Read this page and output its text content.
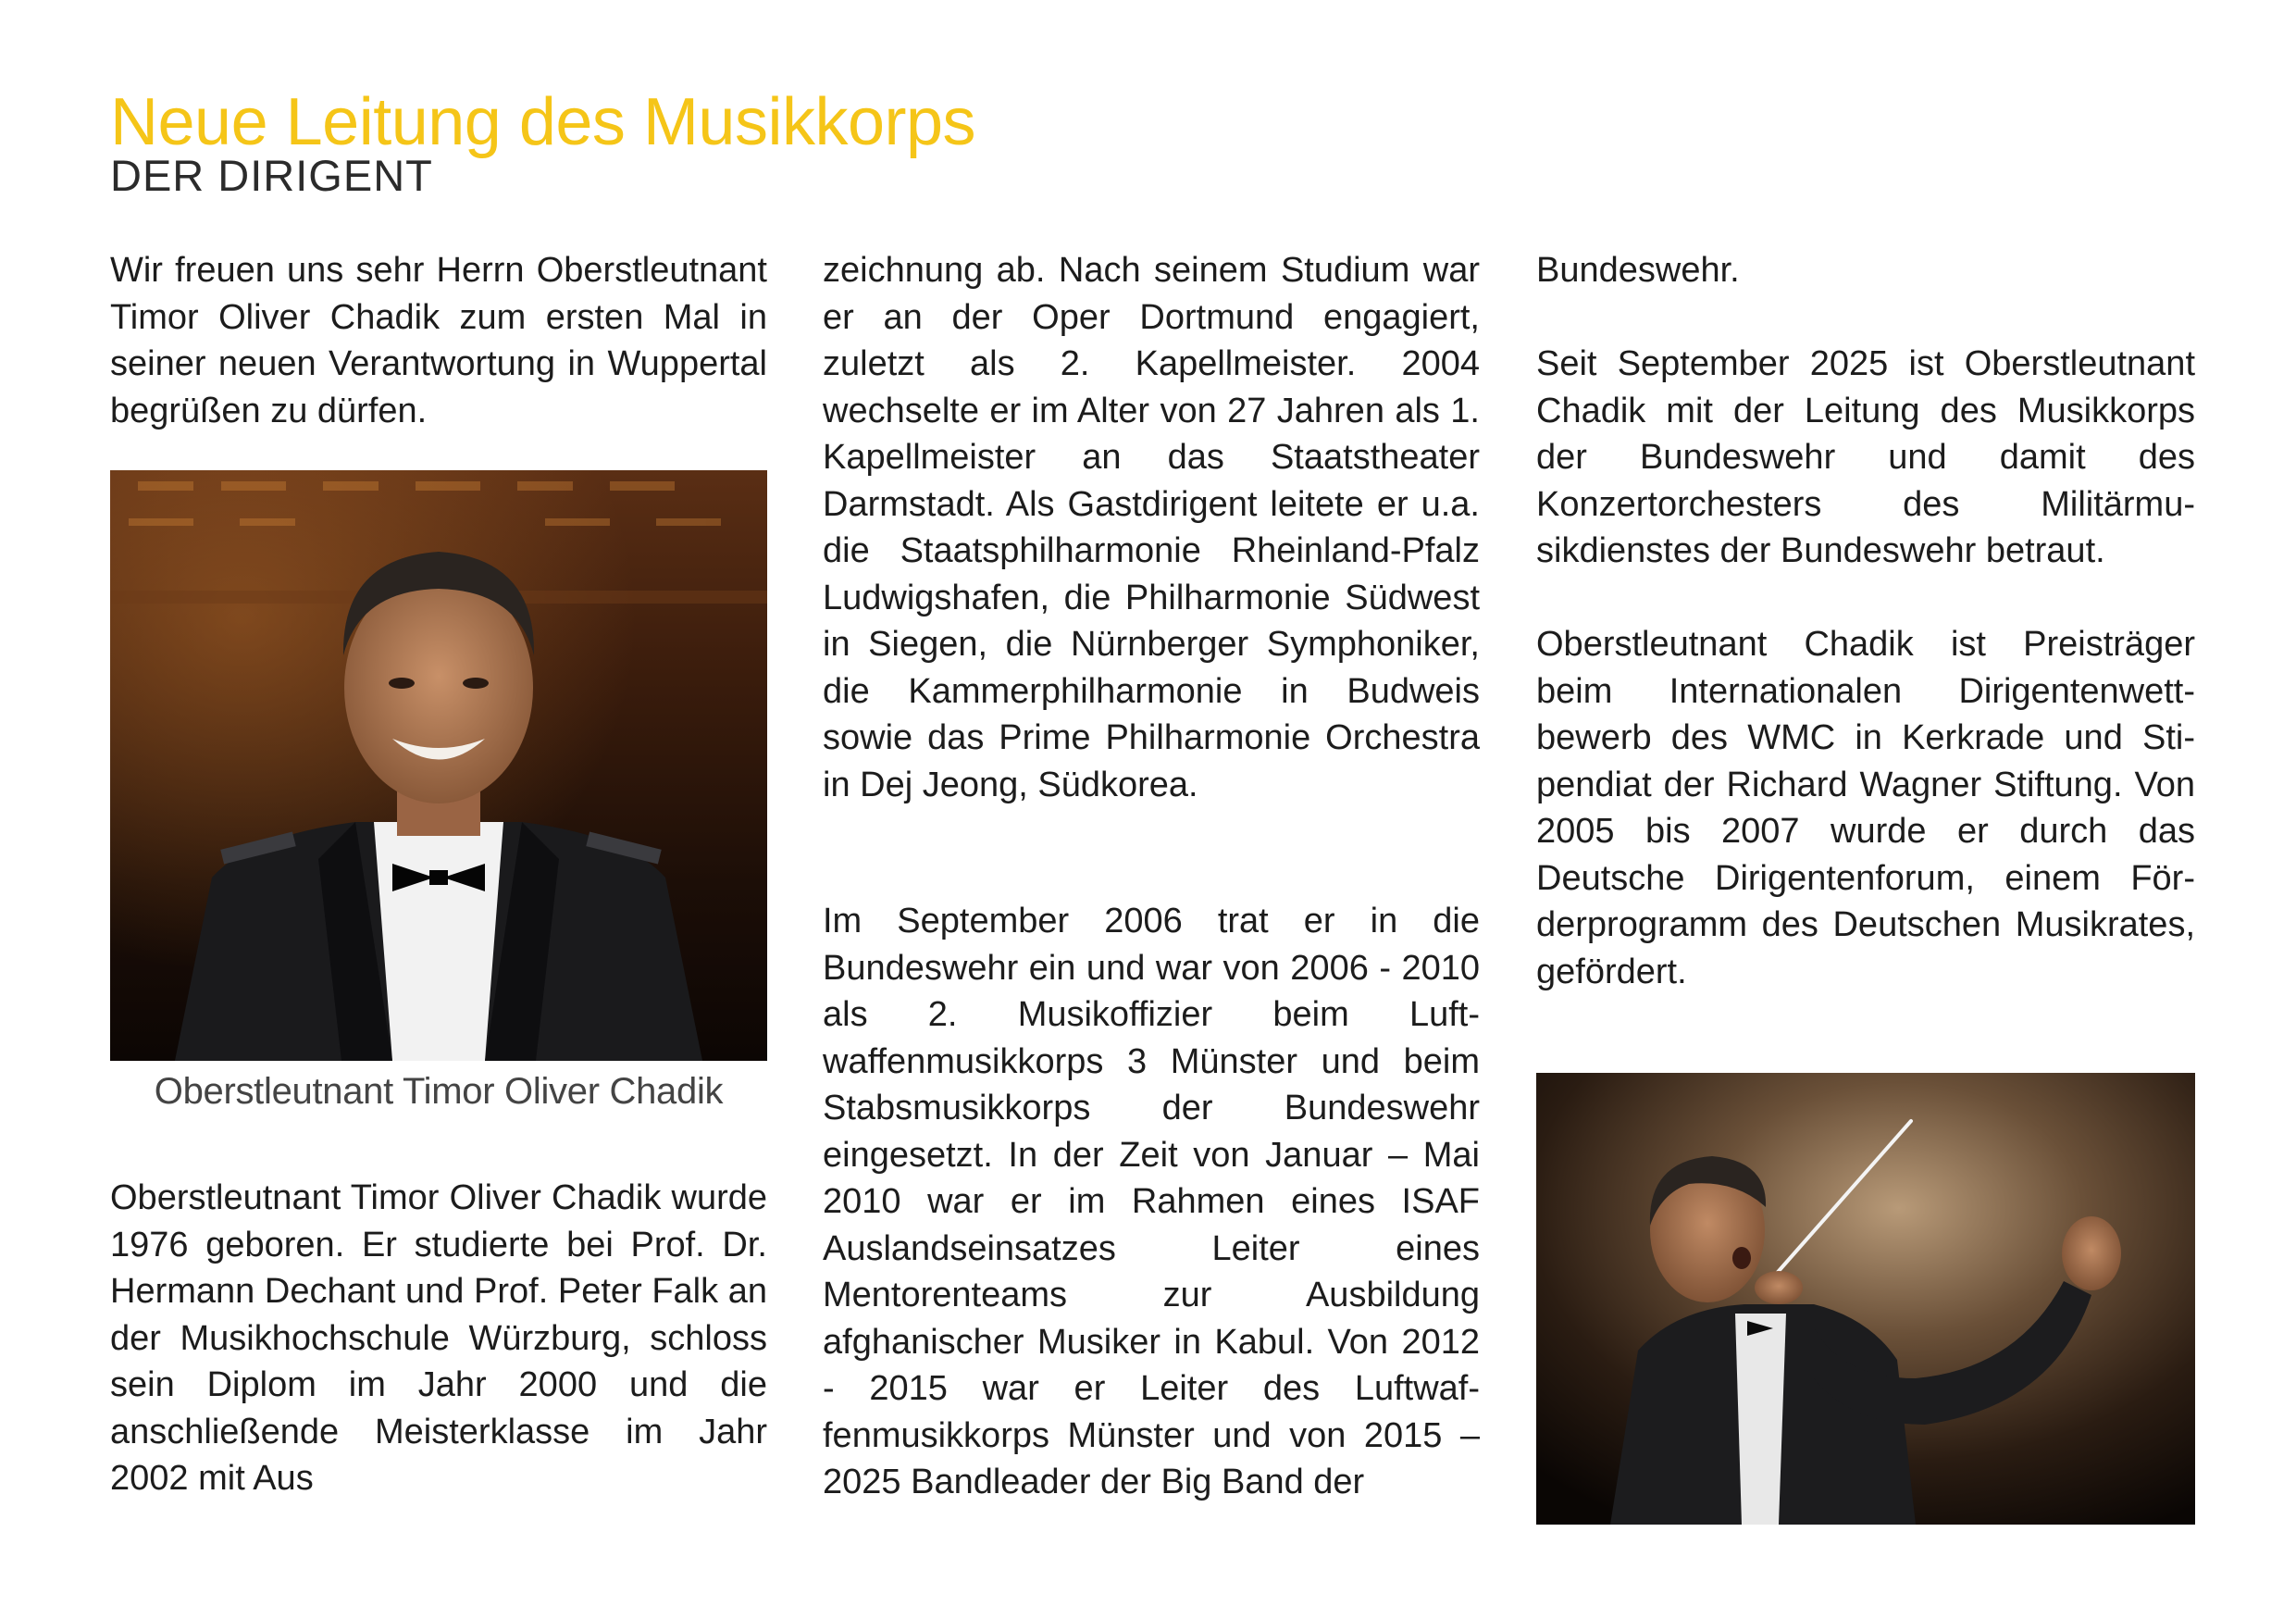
Neue Leitung des Musikkorps
DER DIRIGENT

Wir freuen uns sehr Herrn Oberstleutnant Timor Oliver Chadik zum ersten Mal in seiner neuen Verantwortung in Wuppertal begrüßen zu dürfen.

Oberstleutnant Timor Oliver Chadik

Oberstleutnant Timor Oliver Chadik wurde 1976 geboren. Er studierte bei Prof. Dr. Hermann Dechant und Prof. Peter Falk an der Musikhochschule Würzburg, schloss sein Diplom im Jahr 2000 und die anschließende Meisterklasse im Jahr 2002 mit Aus

zeichnung ab. Nach seinem Studium war er an der Oper Dortmund engagiert, zuletzt als 2. Kapellmeister. 2004 wechselte er im Alter von 27 Jahren als 1. Kapellmeister an das Staatstheater Darmstadt. Als Gastdirigent leitete er u.a. die Staatsphilharmonie Rheinland-Pfalz Ludwigshafen, die Philharmonie Südwest in Siegen, die Nürnberger Symphoniker, die Kammerphilharmonie in Budweis sowie das Prime Philharmonie Orchestra in Dej Jeong, Südkorea.

Im September 2006 trat er in die Bundeswehr ein und war von 2006 - 2010 als 2. Musikoffizier beim Luftwaffenmusikkorps 3 Münster und beim Stabsmusikkorps der Bundeswehr eingesetzt. In der Zeit von Januar – Mai 2010 war er im Rahmen eines ISAF Auslandseinsatzes Leiter eines Mentorenteams zur Ausbildung afghanischer Musiker in Kabul. Von 2012 - 2015 war er Leiter des Luftwaffenmusikkorps Münster und von 2015 – 2025 Bandleader der Big Band der

Bundeswehr.

Seit September 2025 ist Oberstleutnant Chadik mit der Leitung des Musikkorps der Bundeswehr und damit des Konzertorchesters des Militärmusikdienstes der Bundeswehr betraut.

Oberstleutnant Chadik ist Preisträger beim Internationalen Dirigentenwettbewerb des WMC in Kerkrade und Stipendiat der Richard Wagner Stiftung. Von 2005 bis 2007 wurde er durch das Deutsche Dirigentenforum, einem Förderprogramm des Deutschen Musikrates, gefördert.
